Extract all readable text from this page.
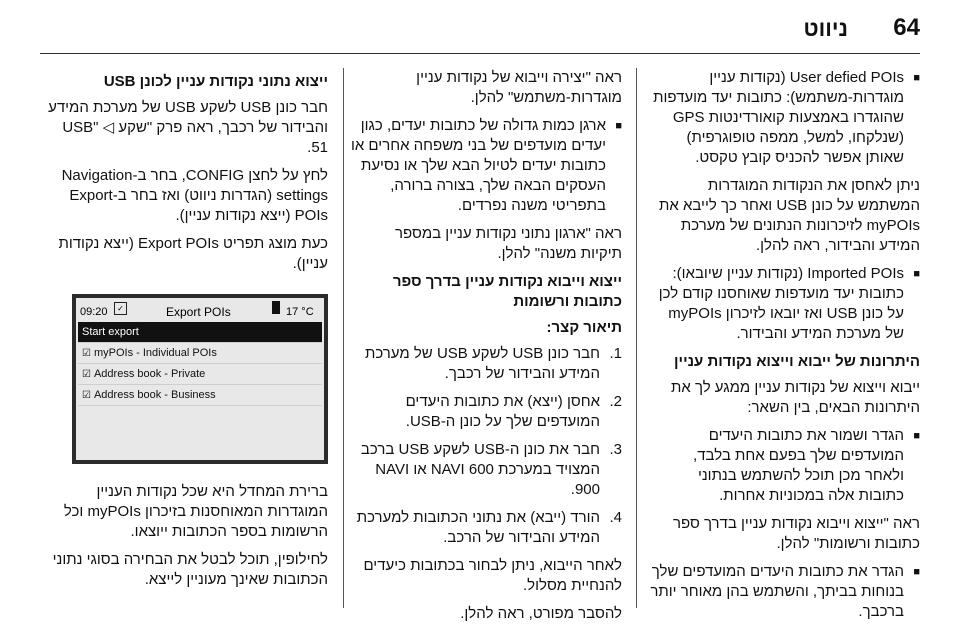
64
ניווט
■
User defied POIs (נקודות עניין מוגדרות-משתמש): כתובות יעד מועדפות שהוגדרו באמצעות קואורדינטות GPS (שנלקחו, למשל, ממפה טופוגרפית) שאותן אפשר להכניס קובץ טקסט.

ניתן לאחסן את הנקודות המוגדרות המשתמש על כונן USB ואחר כך לייבא את myPOIs לזיכרונות הנתונים של מערכת המידע והבידור, ראה להלן.

■
Imported POIs (נקודות עניין שיובאו): כתובות יעד מועדפות שאוחסנו קודם לכן על כונן USB ואז יובאו לזיכרון myPOIs של מערכת המידע והבידור.
היתרונות של ייבוא וייצוא נקודות עניין

ייבוא וייצוא של נקודות עניין ממגע לך את היתרונות הבאים, בין השאר:

■
הגדר ושמור את כתובות היעדים המועדפים שלך בפעם אחת בלבד, ולאחר מכן תוכל להשתמש בנתוני כתובות אלה במכוניות אחרות.

ראה "ייצוא וייבוא נקודות עניין בדרך ספר כתובות ורשומות" להלן.

■
הגדר את כתובות היעדים המועדפים שלך בנוחות בביתך, והשתמש בהן מאוחר יותר ברכבך.

ראה "יצירה וייבוא של נקודות עניין מוגדרות-משתמש" להלן.

■
ארגן כמות גדולה של כתובות יעדים, כגון יעדים מועדפים של בני משפחה אחרים או כתובות יעדים לטיול הבא שלך או נסיעת העסקים הבאה שלך, בצורה ברורה, בתפריטי משנה נפרדים.

ראה "ארגון נתוני נקודות עניין במספר תיקיות משנה" להלן.

ייצוא וייבוא נקודות עניין בדרך ספר כתובות ורשומות
תיאור קצר:
1.
חבר כונן USB לשקע USB של מערכת המידע והבידור של רכבך.
2.
אחסן (ייצא) את כתובות היעדים המועדפים שלך על כונן ה-USB.
3.
חבר את כונן ה-USB לשקע USB ברכב המצויד במערכת NAVI 600 או NAVI 900.
4.
הורד (ייבא) את נתוני הכתובות למערכת המידע והבידור של הרכב.

לאחר הייבוא, ניתן לבחור בכתובות כיעדים להנחיית מסלול.

להסבר מפורט, ראה להלן.

ייצוא נתוני נקודות עניין לכונן USB

חבר כונן USB לשקע USB של מערכת המידע והבידור של רכבך, ראה פרק "שקע USB" ◁ 51.

לחץ על לחצן CONFIG, בחר ב-Navigation settings (הגדרות ניווט) ואז בחר ב-Export POIs (ייצא נקודות עניין).

כעת מוצג תפריט Export POIs (ייצא נקודות עניין).

09:20	✓	Export POIs	17 °C
Start export
☑ myPOIs - Individual POIs
☑ Address book - Private
☑ Address book - Business

ברירת המחדל היא שכל נקודות העניין המוגדרות המאוחסנות בזיכרון myPOIs וכל הרשומות בספר הכתובות ייוצאו.

לחילופין, תוכל לבטל את הבחירה בסוגי נתוני הכתובות שאינך מעוניין לייצא.
